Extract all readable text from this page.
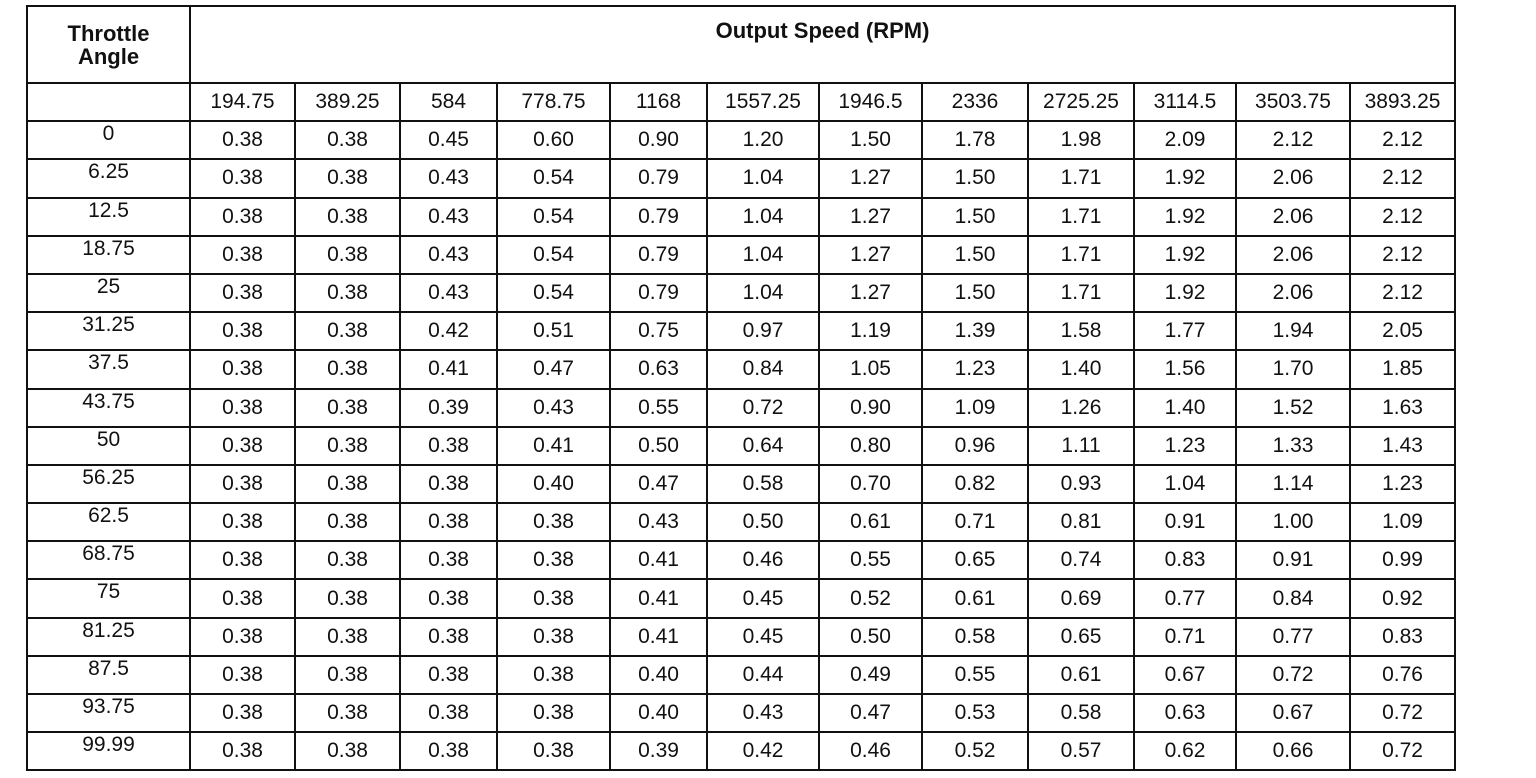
Throttle Angle	Output Speed (RPM)											
	194.75	389.25	584	778.75	1168	1557.25	1946.5	2336	2725.25	3114.5	3503.75	3893.25
0	0.38	0.38	0.45	0.60	0.90	1.20	1.50	1.78	1.98	2.09	2.12	2.12
6.25	0.38	0.38	0.43	0.54	0.79	1.04	1.27	1.50	1.71	1.92	2.06	2.12
12.5	0.38	0.38	0.43	0.54	0.79	1.04	1.27	1.50	1.71	1.92	2.06	2.12
18.75	0.38	0.38	0.43	0.54	0.79	1.04	1.27	1.50	1.71	1.92	2.06	2.12
25	0.38	0.38	0.43	0.54	0.79	1.04	1.27	1.50	1.71	1.92	2.06	2.12
31.25	0.38	0.38	0.42	0.51	0.75	0.97	1.19	1.39	1.58	1.77	1.94	2.05
37.5	0.38	0.38	0.41	0.47	0.63	0.84	1.05	1.23	1.40	1.56	1.70	1.85
43.75	0.38	0.38	0.39	0.43	0.55	0.72	0.90	1.09	1.26	1.40	1.52	1.63
50	0.38	0.38	0.38	0.41	0.50	0.64	0.80	0.96	1.11	1.23	1.33	1.43
56.25	0.38	0.38	0.38	0.40	0.47	0.58	0.70	0.82	0.93	1.04	1.14	1.23
62.5	0.38	0.38	0.38	0.38	0.43	0.50	0.61	0.71	0.81	0.91	1.00	1.09
68.75	0.38	0.38	0.38	0.38	0.41	0.46	0.55	0.65	0.74	0.83	0.91	0.99
75	0.38	0.38	0.38	0.38	0.41	0.45	0.52	0.61	0.69	0.77	0.84	0.92
81.25	0.38	0.38	0.38	0.38	0.41	0.45	0.50	0.58	0.65	0.71	0.77	0.83
87.5	0.38	0.38	0.38	0.38	0.40	0.44	0.49	0.55	0.61	0.67	0.72	0.76
93.75	0.38	0.38	0.38	0.38	0.40	0.43	0.47	0.53	0.58	0.63	0.67	0.72
99.99	0.38	0.38	0.38	0.38	0.39	0.42	0.46	0.52	0.57	0.62	0.66	0.72
